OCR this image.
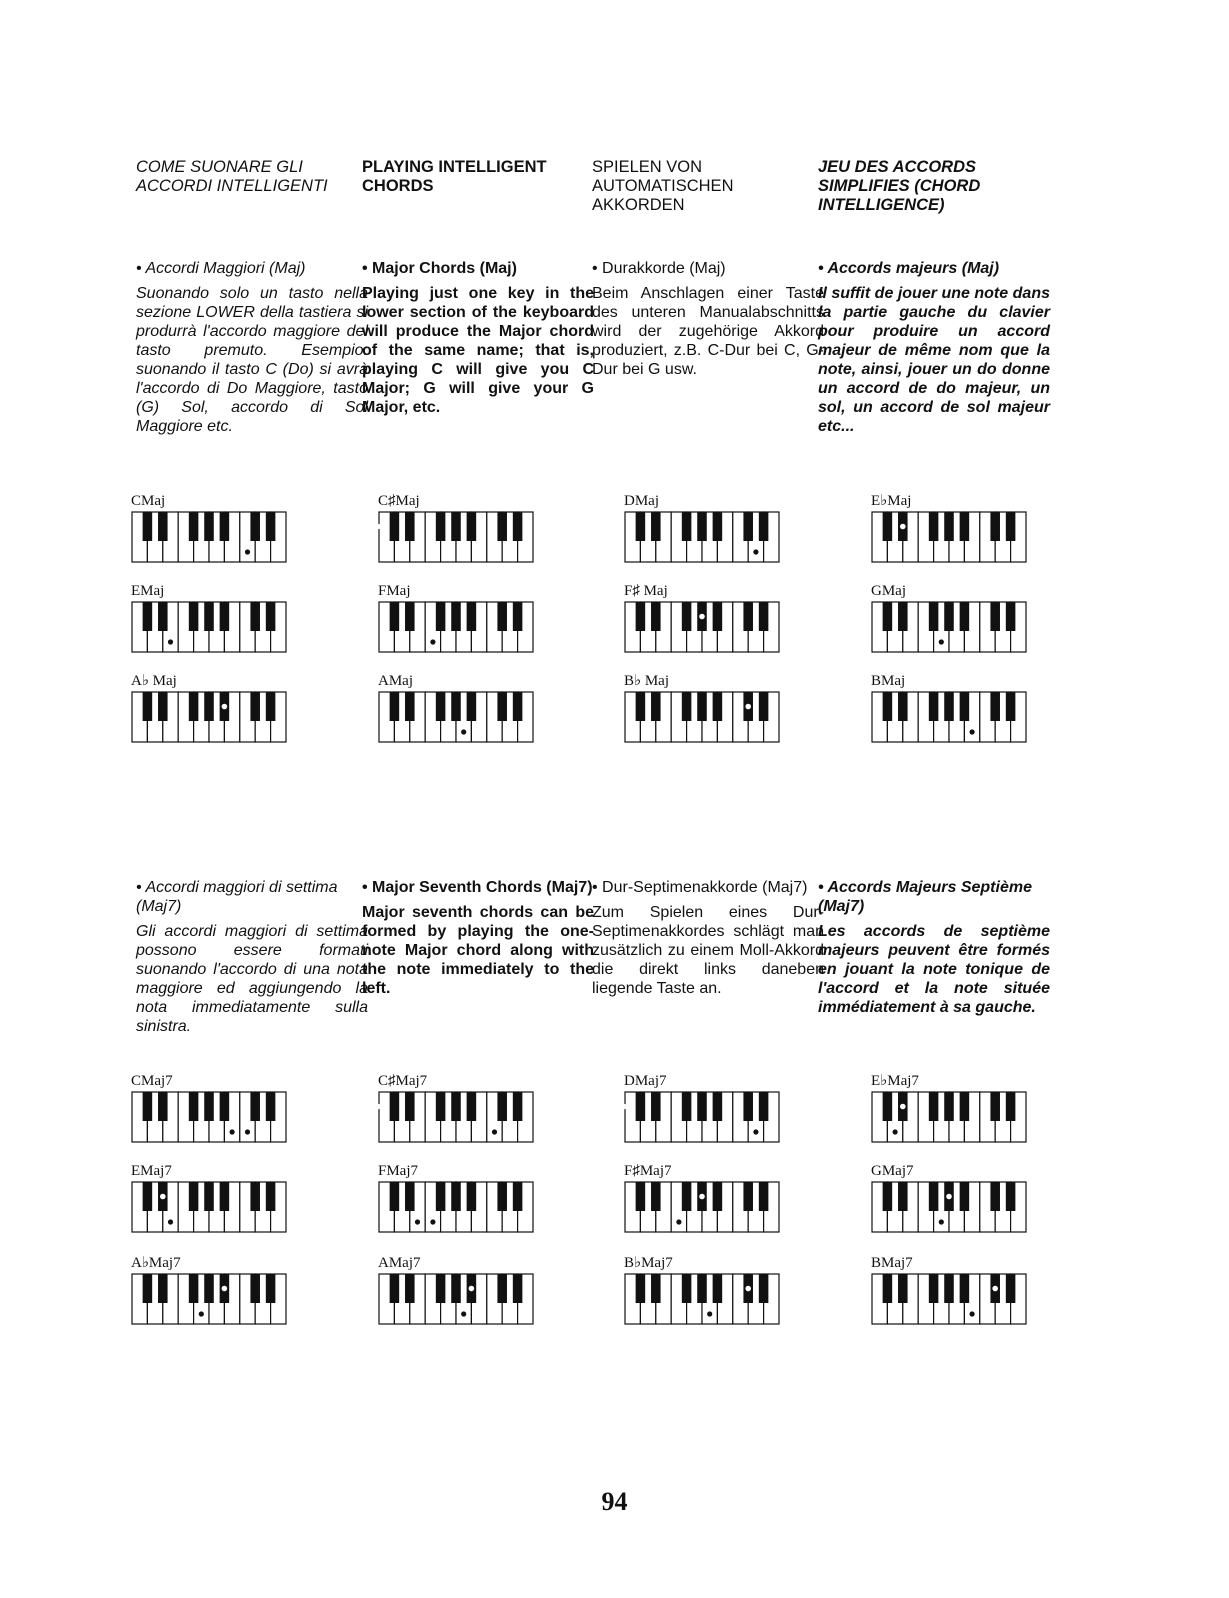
COME SUONARE GLI ACCORDI INTELLIGENTI
PLAYING INTELLIGENT CHORDS
SPIELEN VON AUTOMATISCHEN AKKORDEN
JEU DES ACCORDS SIMPLIFIES (CHORD INTELLIGENCE)

• Accordi Maggiori (Maj)

Suonando solo un tasto nella sezione LOWER della tastiera si produrrà l'accordo maggiore del tasto premuto. Esempio: suonando il tasto C (Do) si avrà l'accordo di Do Maggiore, tasto (G) Sol, accordo di Sol Maggiore etc.

• Major Chords (Maj)

Playing just one key in the lower section of the keyboard will produce the Major chord of the same name; that is, playing C will give you C Major; G will give your G Major, etc.

• Durakkorde (Maj)

Beim Anschlagen einer Taste des unteren Manualabschnitts wird der zugehörige Akkord produziert, z.B. C-Dur bei C, G-Dur bei G usw.

• Accords majeurs (Maj)

Il suffit de jouer une note dans la partie gauche du clavier pour produire un accord majeur de même nom que la note, ainsi, jouer un do donne un accord de do majeur, un sol, un accord de sol majeur etc...

• Accordi maggiori di settima (Maj7)

Gli accordi maggiori di settima possono essere formati suonando l'accordo di una nota maggiore ed aggiungendo la nota immediatamente sulla sinistra.

• Major Seventh Chords (Maj7)

Major seventh chords can be formed by playing the one-note Major chord along with the note immediately to the left.

• Dur-Septimenakkorde (Maj7)

Zum Spielen eines Dur-Septimenakkordes schlägt man zusätzlich zu einem Moll-Akkord die direkt links daneben liegende Taste an.

• Accords Majeurs Septième (Maj7)

Les accords de septième majeurs peuvent être formés en jouant la note tonique de l'accord et la note située immédiatement à sa gauche.

CMaj	C♯Maj	DMaj	E♭Maj
EMaj	FMaj	F♯ Maj	GMaj
A♭ Maj	AMaj	B♭ Maj	BMaj
CMaj7	C♯Maj7	DMaj7	E♭Maj7
EMaj7	FMaj7	F♯Maj7	GMaj7
A♭Maj7	AMaj7	B♭Maj7	BMaj7
94
